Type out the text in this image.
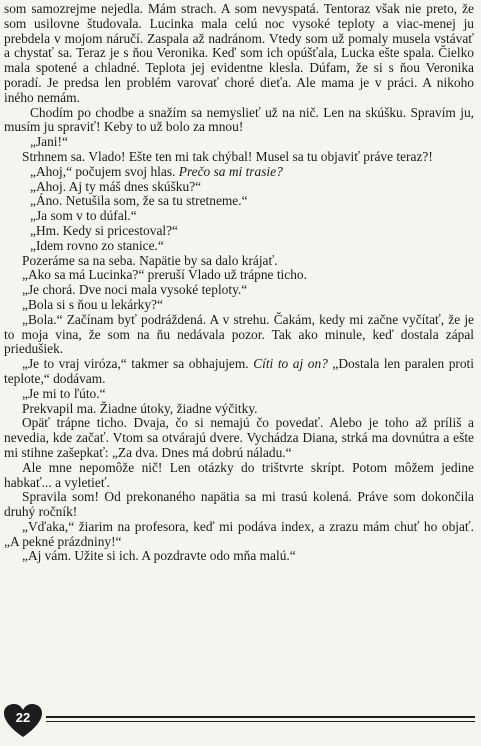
som samozrejme nejedla. Mám strach. A som nevyspatá. Tentoraz však nie preto, že som usilovne študovala. Lucinka mala celú noc vysoké teploty a viac-menej ju prebdela v mojom náručí. Zaspala až nadránom. Vtedy som už pomaly musela vstávať a chystať sa. Teraz je s ňou Veronika. Keď som ich opúšťala, Lucka ešte spala. Čielko mala spotené a chladné. Teplota jej evidentne klesla. Dúfam, že si s ňou Veronika poradí. Je predsa len problém varovať choré dieťa. Ale mama je v práci. A nikoho iného nemám.

Chodím po chodbe a snažím sa nemyslieť už na nič. Len na skúšku. Spravím ju, musím ju spraviť! Keby to už bolo za mnou!

„Jani!“

Strhnem sa. Vlado! Ešte ten mi tak chýbal! Musel sa tu objaviť práve teraz?!

„Ahoj,“ počujem svoj hlas. Prečo sa mi trasie?

„Ahoj. Aj ty máš dnes skúšku?“

„Áno. Netušila som, že sa tu stretneme.“

„Ja som v to dúfal.“

„Hm. Kedy si pricestoval?“

„Idem rovno zo stanice.“

Pozeráme sa na seba. Napätie by sa dalo krájať.

„Ako sa má Lucinka?“ preruší Vlado už trápne ticho.

„Je chorá. Dve noci mala vysoké teploty.“

„Bola si s ňou u lekárky?“

„Bola.“ Začínam byť podráždená. A v strehu. Čakám, kedy mi začne vyčítať, že je to moja vina, že som na ňu nedávala pozor. Tak ako minule, keď dostala zápal priedušiek.

„Je to vraj viróza,“ takmer sa obhajujem. Cíti to aj on? „Dostala len paralen proti teplote,“ dodávam.

„Je mi to ľúto.“

Prekvapil ma. Žiadne útoky, žiadne výčitky.

Opäť trápne ticho. Dvaja, čo si nemajú čo povedať. Alebo je toho až príliš a nevedia, kde začať. Vtom sa otvárajú dvere. Vychádza Diana, strká ma dovnútra a ešte mi stihne zašepkať: „Za dva. Dnes má dobrú náladu.“

Ale mne nepomôže nič! Len otázky do trištvrte skrípt. Potom môžem jedine habkať... a vyletieť.

Spravila som! Od prekonaného napätia sa mi trasú kolená. Práve som dokončila druhý ročník!

„Vďaka,“ žiarim na profesora, keď mi podáva index, a zrazu mám chuť ho objať. „A pekné prázdniny!“

„Aj vám. Užite si ich. A pozdravte odo mňa malú.“

22
